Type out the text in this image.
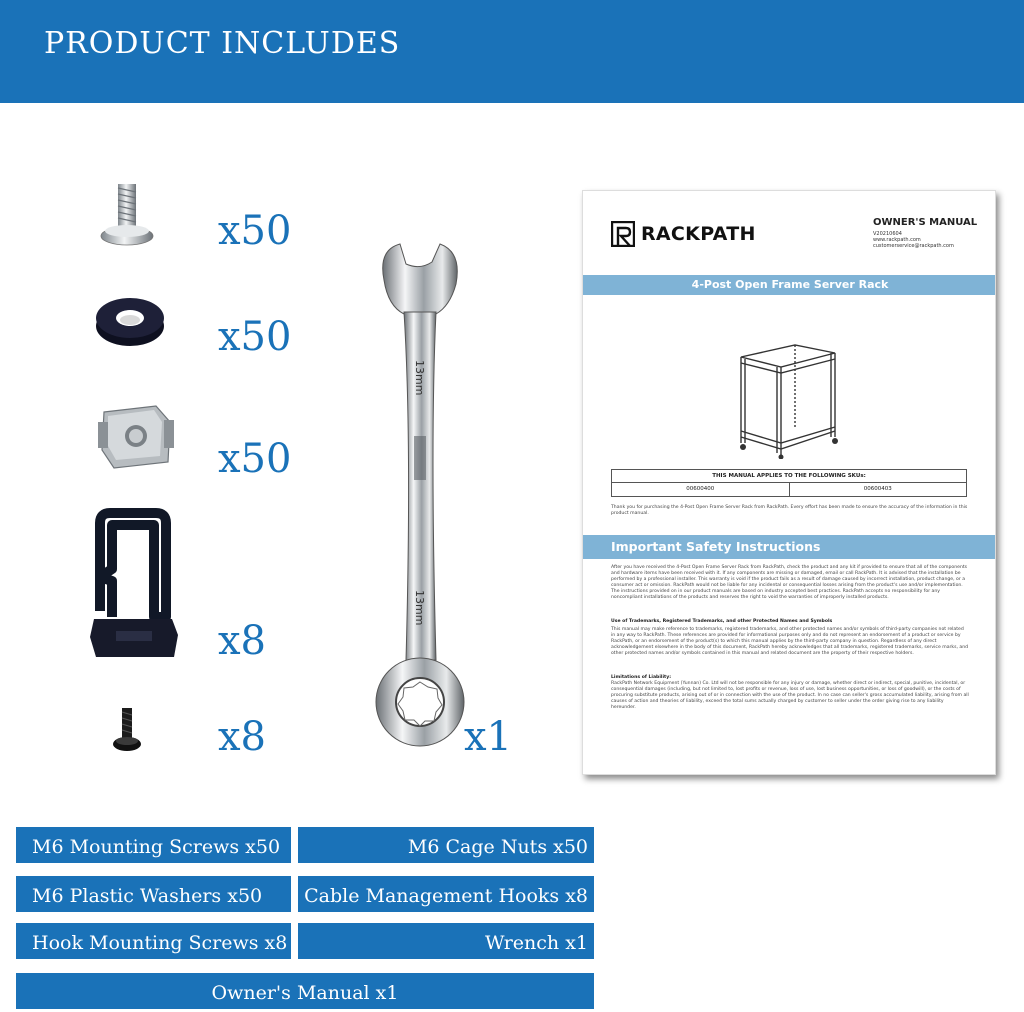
PRODUCT INCLUDES
x50
x50
x50
x8
x8
13mm
13mm
x1
RACKPATH
OWNER'S MANUAL
V20210604
www.rackpath.com
customerservice@rackpath.com
4-Post Open Frame Server Rack
THIS MANUAL APPLIES TO THE FOLLOWING SKUs:
00600400	00600403
Thank you for purchasing the 4-Post Open Frame Server Rack from RackPath. Every effort has been made to ensure the accuracy of the information in this product manual.
Important Safety Instructions
After you have received the 4-Post Open Frame Server Rack from RackPath, check the product and any kit if provided to ensure that all of the components and hardware items have been received with it. If any components are missing or damaged, email or call RackPath. It is advised that the installation be performed by a professional installer. This warranty is void if the product fails as a result of damage caused by incorrect installation, product change, or a consumer act or omission. RackPath would not be liable for any incidental or consequential losses arising from the product's use and/or implementation. The instructions provided on in our product manuals are based on industry accepted best practices. RackPath accepts no responsibility for any noncompliant installations of the products and reserves the right to void the warranties of improperly installed products.
Use of Trademarks, Registered Trademarks, and other Protected Names and Symbols
This manual may make reference to trademarks, registered trademarks, and other protected names and/or symbols of third-party companies not related in any way to RackPath. These references are provided for informational purposes only and do not represent an endorsement of a product or service by RackPath, or an endorsement of the product(s) to which this manual applies by the third-party company in question. Regardless of any direct acknowledgement elsewhere in the body of this document, RackPath hereby acknowledges that all trademarks, registered trademarks, service marks, and other protected names and/or symbols contained in this manual and related document are the property of their respective holders.
Limitations of Liability:
RackPath Network Equipment (Yunnan) Co. Ltd will not be responsible for any injury or damage, whether direct or indirect, special, punitive, incidental, or consequential damages (including, but not limited to, lost profits or revenue, loss of use, lost business opportunities, or loss of goodwill), or the costs of procuring substitute products, arising out of or in connection with the use of the product. In no case can seller's gross accumulated liability, arising from all causes of action and theories of liability, exceed the total sums actually charged by customer to seller under the order giving rise to any liability hereunder.
M6 Mounting Screws x50	M6 Cage Nuts x50
M6 Plastic Washers x50	Cable Management Hooks x8
Hook Mounting Screws x8	Wrench x1
Owner's Manual x1
